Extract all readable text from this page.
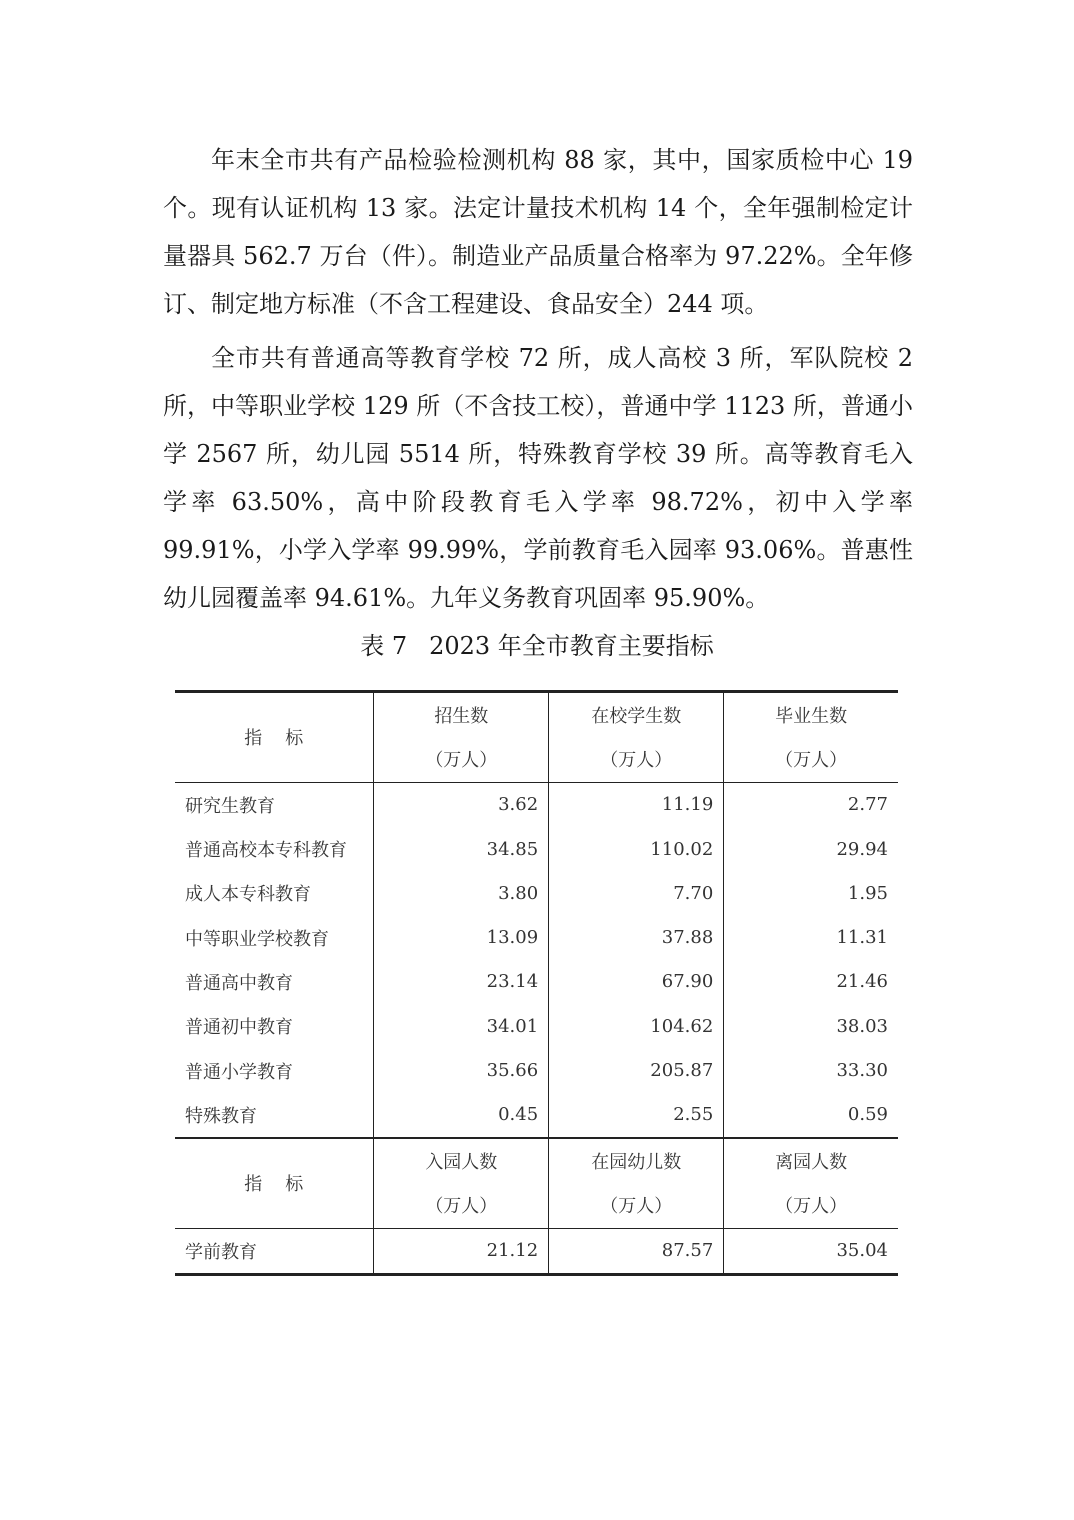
年末全市共有产品检验检测机构 88 家，其中，国家质检中心 19 个。现有认证机构 13 家。法定计量技术机构 14 个，全年强制检定计量器具 562.7 万台（件）。制造业产品质量合格率为 97.22%。全年修订、制定地方标准（不含工程建设、食品安全）244 项。

全市共有普通高等教育学校 72 所，成人高校 3 所，军队院校 2 所，中等职业学校 129 所（不含技工校），普通中学 1123 所，普通小学 2567 所，幼儿园 5514 所，特殊教育学校 39 所。高等教育毛入学率 63.50%，高中阶段教育毛入学率 98.72%，初中入学率 99.91%，小学入学率 99.99%，学前教育毛入园率 93.06%。普惠性幼儿园覆盖率 94.61%。九年义务教育巩固率 95.90%。

表 7 2023 年全市教育主要指标
指 标	招生数	在校学生数	毕业生数
	（万人）	（万人）	（万人）
研究生教育	3.62	11.19	2.77
普通高校本专科教育	34.85	110.02	29.94
成人本专科教育	3.80	7.70	1.95
中等职业学校教育	13.09	37.88	11.31
普通高中教育	23.14	67.90	21.46
普通初中教育	34.01	104.62	38.03
普通小学教育	35.66	205.87	33.30
特殊教育	0.45	2.55	0.59
指 标	入园人数	在园幼儿数	离园人数
	（万人）	（万人）	（万人）
学前教育	21.12	87.57	35.04
